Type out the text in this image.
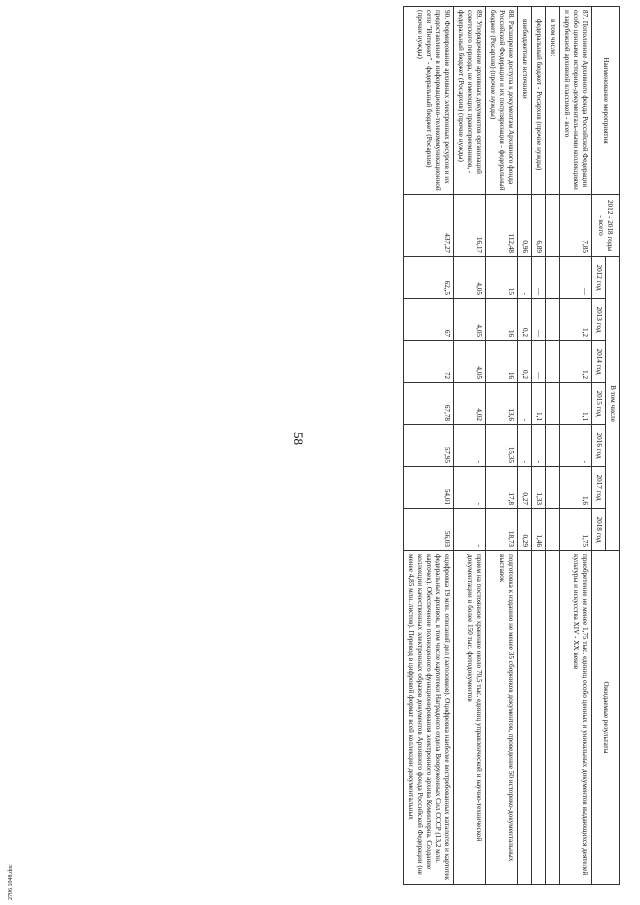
58
2706 1048.doc
Наименование мероприятия	2012 - 2018 годы - всего	В том числе							Ожидаемые результаты
		2012 год	2013 год	2014 год	2015 год	2016 год	2017 год	2018 год	
87. Пополнение Архивного фонда Российской Федерации особо ценными историко-документаль-ными коллекциями и зарубежной архивной классикой - всего	7,85	—	1,2	1,2	1,1	-	1,6	1,75	приобретение не менее 1,75 тыс. единиц особо ценных и уникальных документов выдающихся деятелей культуры и искусства XIV - XX веков
в том числе:									
федеральный бюджет - Росархив (прочие нужды)	6,89	—	—	—	1,1	-	1,33	1,46	
внебюджетные источники	0,96	-	0,2	0,2	-	-	0,27	0,29	
88. Расширение доступа к документам Архивного фонда Российской Федерации и их популяризация - федеральный бюджет (Росархив) (прочие нужды)	112,48	15	16	16	13,6	15,35	17,8	18,73	подготовка к изданию не менее 35 сборников документов, проведение 50 историко-документальных выставок
89. Упорядочение архивных документов организаций советского периода, не имеющих правопреемников, - федеральный бюджет (Росархив) (прочие нужды)	16,17	4,05	4,05	4,05	4,02	-	-	-	прием на постоянное хранение около 70,5 тыс. единиц управленческой и научно-технической документации и более 150 тыс. фотодокументов
90. Формирование архивных электронных ресурсов и их предоставление в информационно-телекоммуникационной сети "Интернет" - федеральный бюджет (Росархив) (прочие нужды)	437,27	62,,5	67	72	67,78	57,95	54,01	56,03	оцифровка 19 млн. описаний дел (заголовков). Оцифровка наиболее востребованных каталогов и картотек федеральных архивов, в том числе картотеки Наградного отдела Вооруженных Сил СССР (13,2 млн. карточек). Обеспечение полноценного функционирования электронного архива Коминтерна. Создание коллекции качественных электронных образов документов Архивного фонда Российской Федерации (не менее 4,85 млн. листов). Перевод в цифровой формат всей коллекции документальных
